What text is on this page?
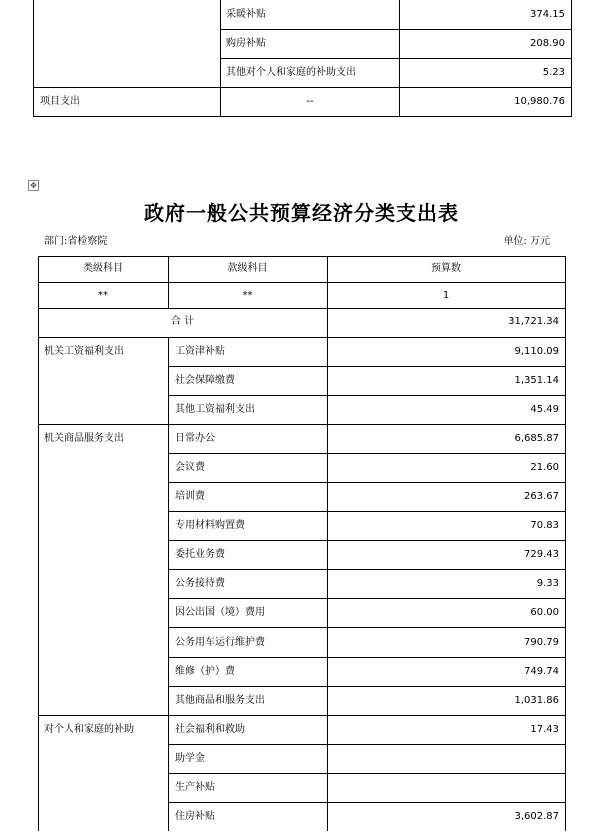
采暖补贴	374.15
购房补贴	208.90
其他对个人和家庭的补助支出	5.23
项目支出	--	10,980.76
✥
政府一般公共预算经济分类支出表
部门:省检察院	单位: 万元
类级科目	款级科目	预算数
**	**	1
合 计	31,721.34
机关工资福利支出	工资津补贴	9,110.09
社会保障缴费	1,351.14
其他工资福利支出	45.49
机关商品服务支出	日常办公	6,685.87
会议费	21.60
培训费	263.67
专用材料购置费	70.83
委托业务费	729.43
公务接待费	9.33
因公出国（境）费用	60.00
公务用车运行维护费	790.79
维修（护）费	749.74
其他商品和服务支出	1,031.86
对个人和家庭的补助	社会福利和救助	17.43
助学金
生产补贴
住房补贴	3,602.87
